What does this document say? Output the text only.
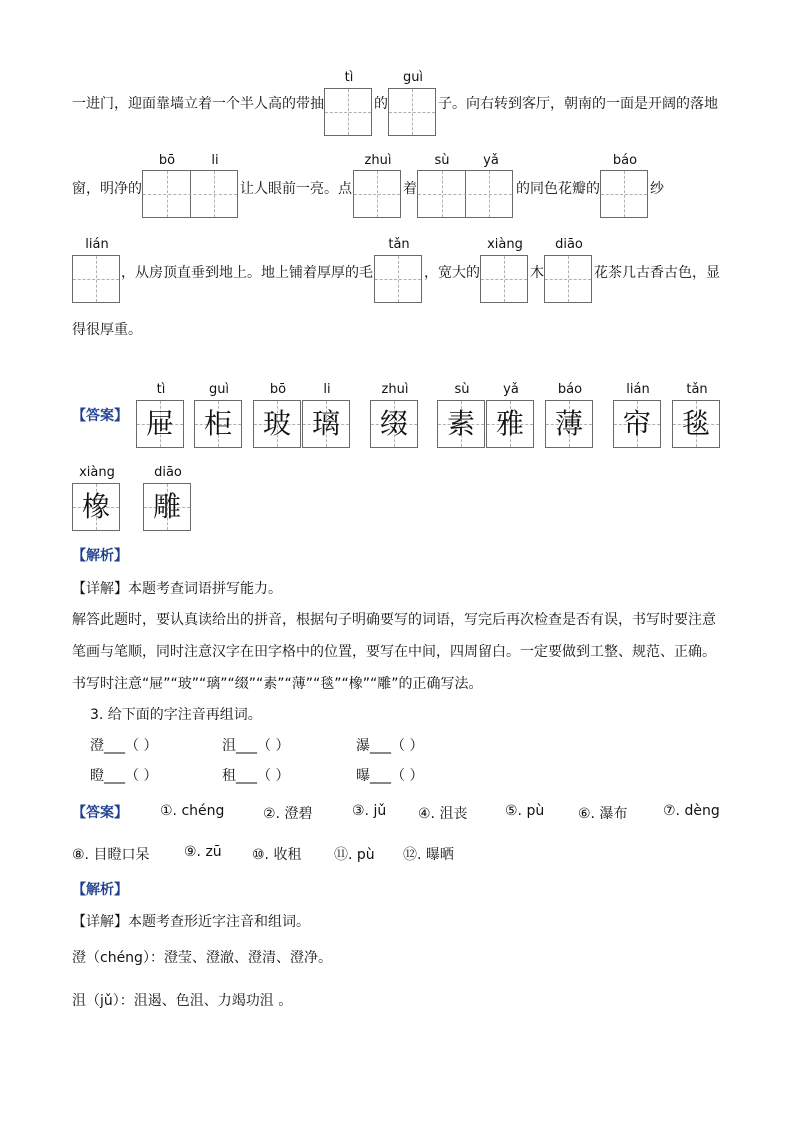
一进门，迎面靠墙立着一个半人高的带抽
tì
的
guì
子。向右转到客厅，朝南的一面是开阔的落地
窗，明净的
bō	li
让人眼前一亮。点
zhuì
着
sù	yǎ
的同色花瓣的
báo
纱
lián
，从房顶直垂到地上。地上铺着厚厚的毛
tǎn
，宽大的
xiàng
木
diāo
花茶几古香古色，显
得很厚重。
【答案】
tì
屉
guì
柜
bō
玻
li
璃
zhuì
缀
sù
素
yǎ
雅
báo
薄
lián
帘
tǎn
毯
xiàng
橡
diāo
雕
【解析】
【详解】本题考查词语拼写能力。
解答此题时，要认真读给出的拼音，根据句子明确要写的词语，写完后再次检查是否有误，书写时要注意
笔画与笔顺，同时注意汉字在田字格中的位置，要写在中间，四周留白。一定要做到工整、规范、正确。
书写时注意“屉”“玻”“璃”“缀”“素”“薄”“毯”“橡”“雕”的正确写法。
3. 给下面的字注音再组词。
澄___（ ）	沮___（ ）	瀑___（ ）
瞪___（ ）	租___（ ）	曝___（ ）
【答案】 ①. chéng	②. 澄碧	③. jǔ ④. 沮丧	⑤. pù ⑥. 瀑布	⑦. dèng
⑧. 目瞪口呆 ⑨. zū ⑩. 收租 ⑪. pù ⑫. 曝晒
【解析】
【详解】本题考查形近字注音和组词。
澄（chéng）：澄莹、澄澈、澄清、澄净。
沮（jǔ）：沮遏、色沮、力竭功沮 。
